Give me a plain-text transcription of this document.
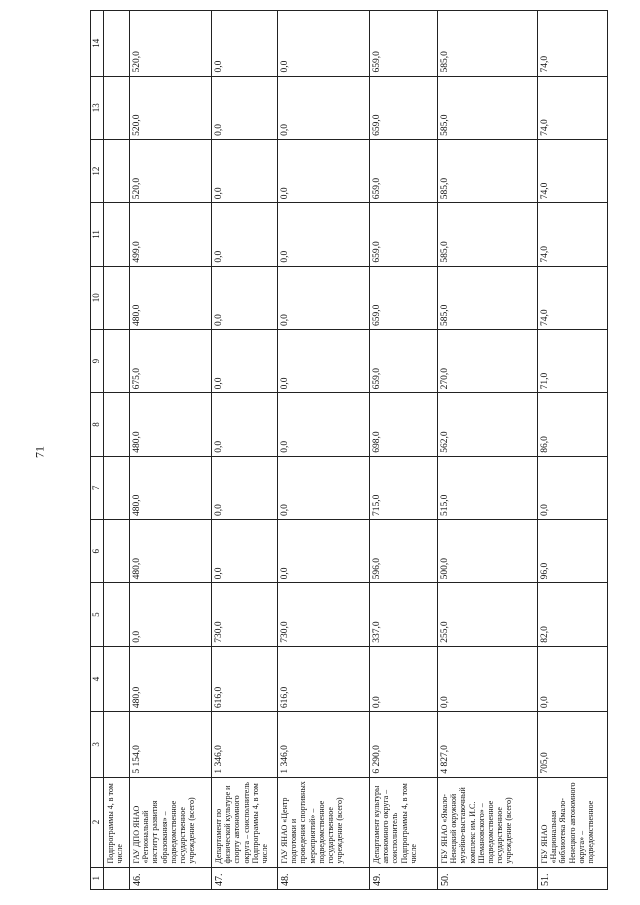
71
1	2	3	4	5	6	7	8	9	10	11	12	13	14
	Подпрограммы 4, в том числе												
46.	ГАУ ДПО ЯНАО «Региональный институт развития образования» – подведомственное государственное учреждение (всего)	5 154,0	480,0	0,0	480,0	480,0	480,0	675,0	480,0	499,0	520,0	520,0	520,0
47.	Департамент по физической культуре и спорту автономного округа – соисполнитель Подпрограммы 4, в том числе	1 346,0	616,0	730,0	0,0	0,0	0,0	0,0	0,0	0,0	0,0	0,0	0,0
48.	ГАУ ЯНАО «Центр подготовки и проведения спортивных мероприятий» – подведомственное государственное учреждение (всего)	1 346,0	616,0	730,0	0,0	0,0	0,0	0,0	0,0	0,0	0,0	0,0	0,0
49.	Департамент культуры автономного округа – соисполнитель Подпрограммы 4, в том числе	6 290,0	0,0	337,0	596,0	715,0	698,0	659,0	659,0	659,0	659,0	659,0	659,0
50.	ГБУ ЯНАО «Ямало-Ненецкий окружной музейно-выставочный комплекс им. И.С. Шемановского» – подведомственное государственное учреждение (всего)	4 827,0	0,0	255,0	500,0	515,0	562,0	270,0	585,0	585,0	585,0	585,0	585,0
51.	ГБУ ЯНАО «Национальная библиотека Ямало-Ненецкого автономного округа» – подведомственное	705,0	0,0	82,0	96,0	0,0	86,0	71,0	74,0	74,0	74,0	74,0	74,0
